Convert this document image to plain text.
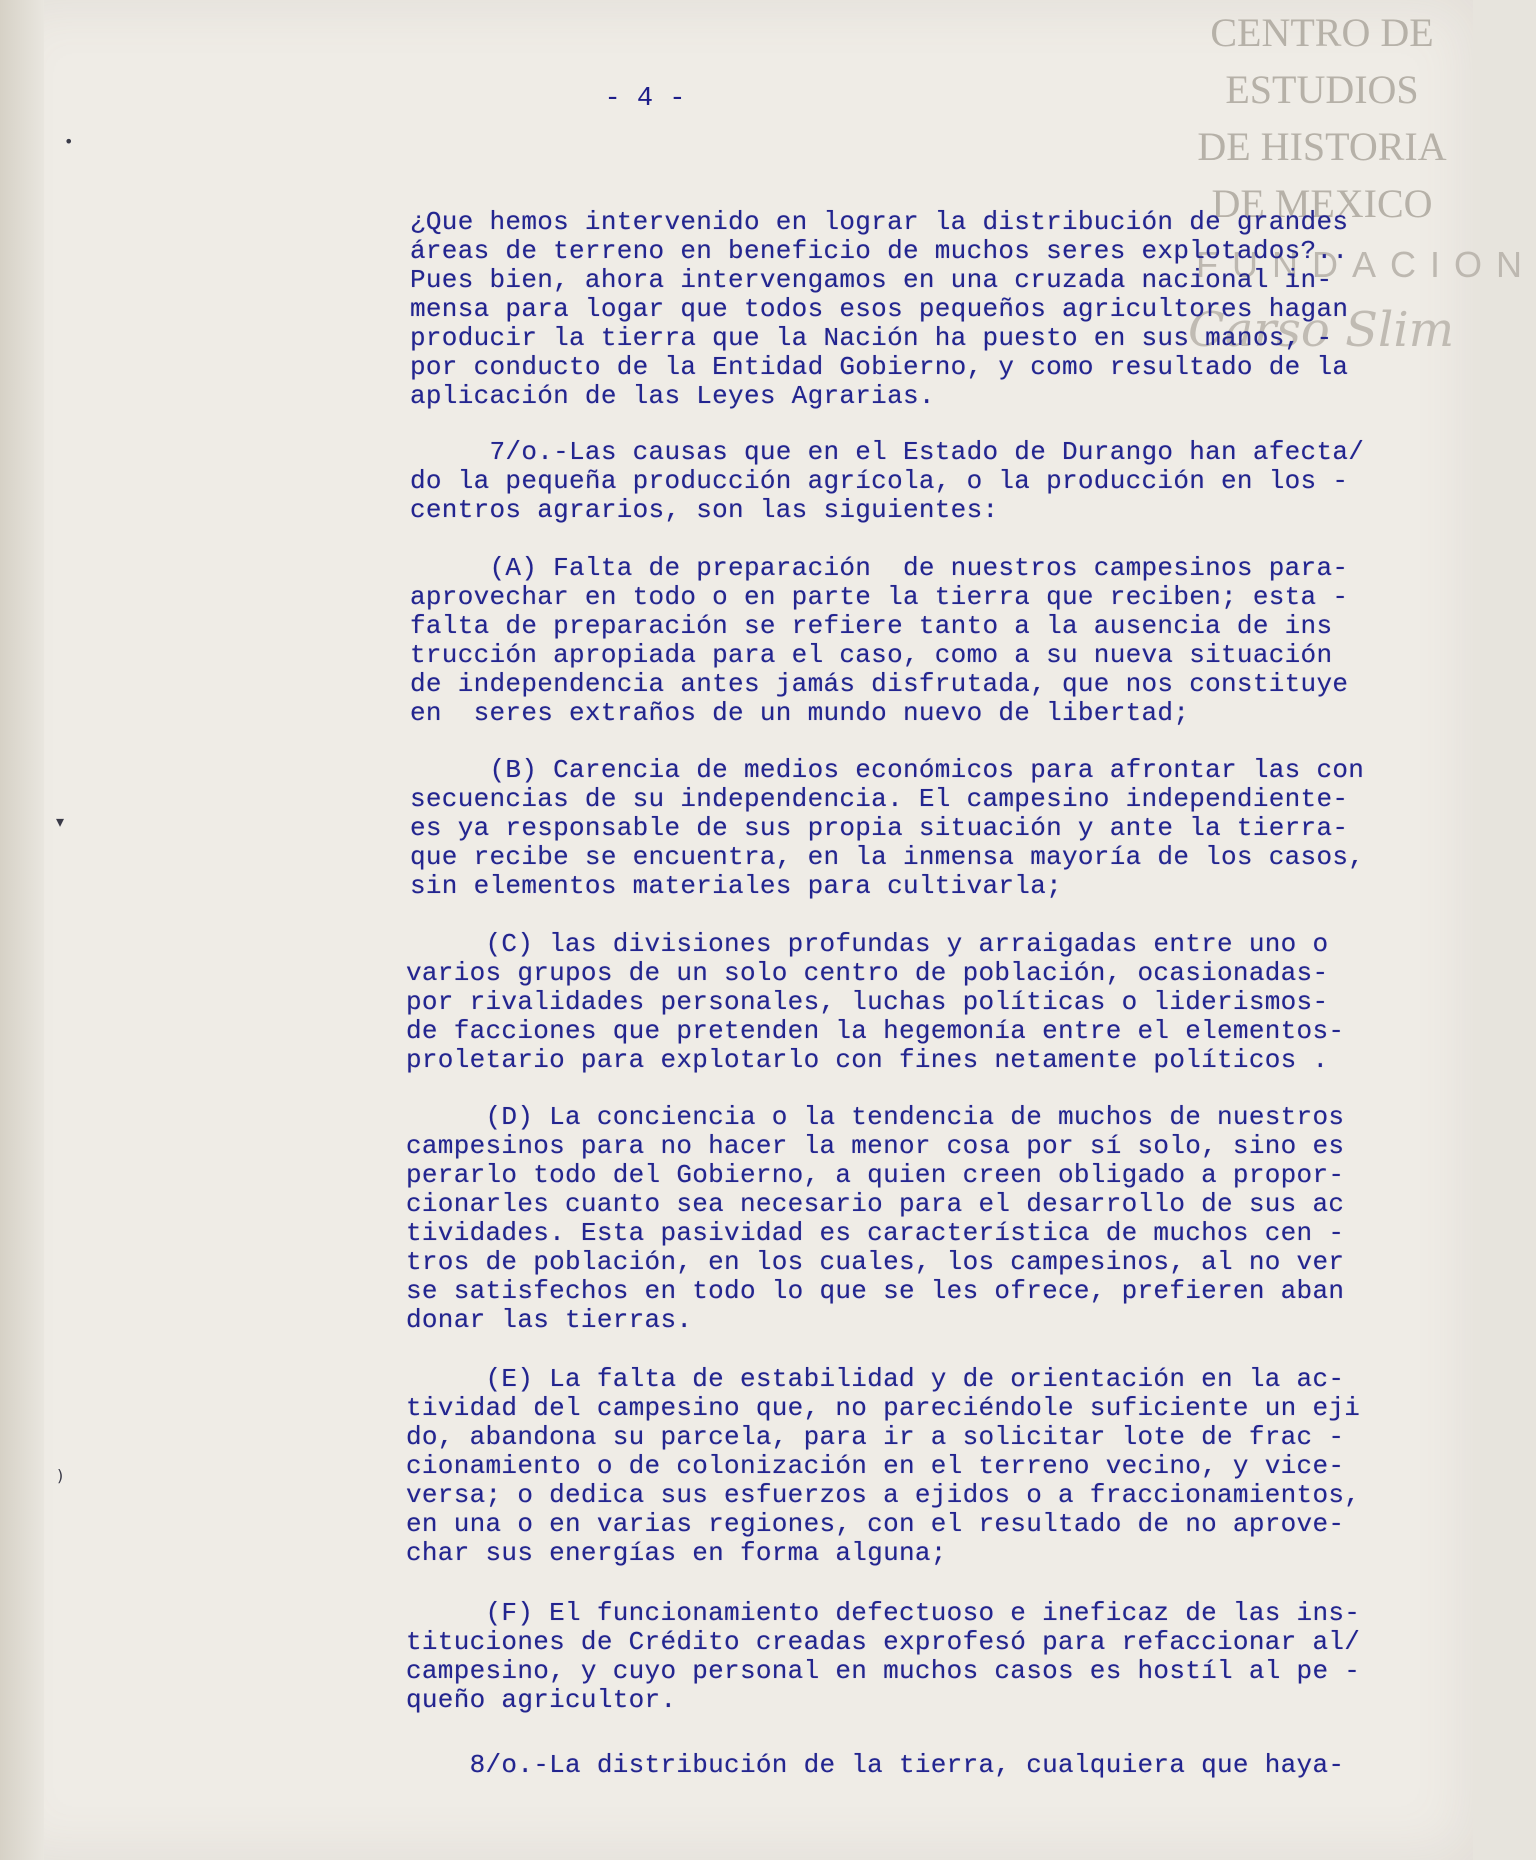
•
▾
)
CENTRO DE
ESTUDIOS
DE HISTORIA
DE MEXICO
FUNDACION
Carso Slim
- 4 -
¿Que hemos intervenido en lograr la distribución de grandes
áreas de terreno en beneficio de muchos seres explotados?..
Pues bien, ahora intervengamos en una cruzada nacional in-
mensa para logar que todos esos pequeños agricultores hagan
producir la tierra que la Nación ha puesto en sus manos, -
por conducto de la Entidad Gobierno, y como resultado de la
aplicación de las Leyes Agrarias.
7/o.-Las causas que en el Estado de Durango han afecta/
do la pequeña producción agrícola, o la producción en los -
centros agrarios, son las siguientes:
(A) Falta de preparación  de nuestros campesinos para-
aprovechar en todo o en parte la tierra que reciben; esta -
falta de preparación se refiere tanto a la ausencia de ins
trucción apropiada para el caso, como a su nueva situación
de independencia antes jamás disfrutada, que nos constituye
en  seres extraños de un mundo nuevo de libertad;
(B) Carencia de medios económicos para afrontar las con
secuencias de su independencia. El campesino independiente-
es ya responsable de sus propia situación y ante la tierra-
que recibe se encuentra, en la inmensa mayoría de los casos,
sin elementos materiales para cultivarla;
(C) las divisiones profundas y arraigadas entre uno o
varios grupos de un solo centro de población, ocasionadas-
por rivalidades personales, luchas políticas o liderismos-
de facciones que pretenden la hegemonía entre el elementos-
proletario para explotarlo con fines netamente políticos .
(D) La conciencia o la tendencia de muchos de nuestros
campesinos para no hacer la menor cosa por sí solo, sino es
perarlo todo del Gobierno, a quien creen obligado a propor-
cionarles cuanto sea necesario para el desarrollo de sus ac
tividades. Esta pasividad es característica de muchos cen -
tros de población, en los cuales, los campesinos, al no ver
se satisfechos en todo lo que se les ofrece, prefieren aban
donar las tierras.
(E) La falta de estabilidad y de orientación en la ac-
tividad del campesino que, no pareciéndole suficiente un eji
do, abandona su parcela, para ir a solicitar lote de frac -
cionamiento o de colonización en el terreno vecino, y vice-
versa; o dedica sus esfuerzos a ejidos o a fraccionamientos,
en una o en varias regiones, con el resultado de no aprove-
char sus energías en forma alguna;
(F) El funcionamiento defectuoso e ineficaz de las ins-
tituciones de Crédito creadas exprofesó para refaccionar al/
campesino, y cuyo personal en muchos casos es hostíl al pe -
queño agricultor.
8/o.-La distribución de la tierra, cualquiera que haya-
